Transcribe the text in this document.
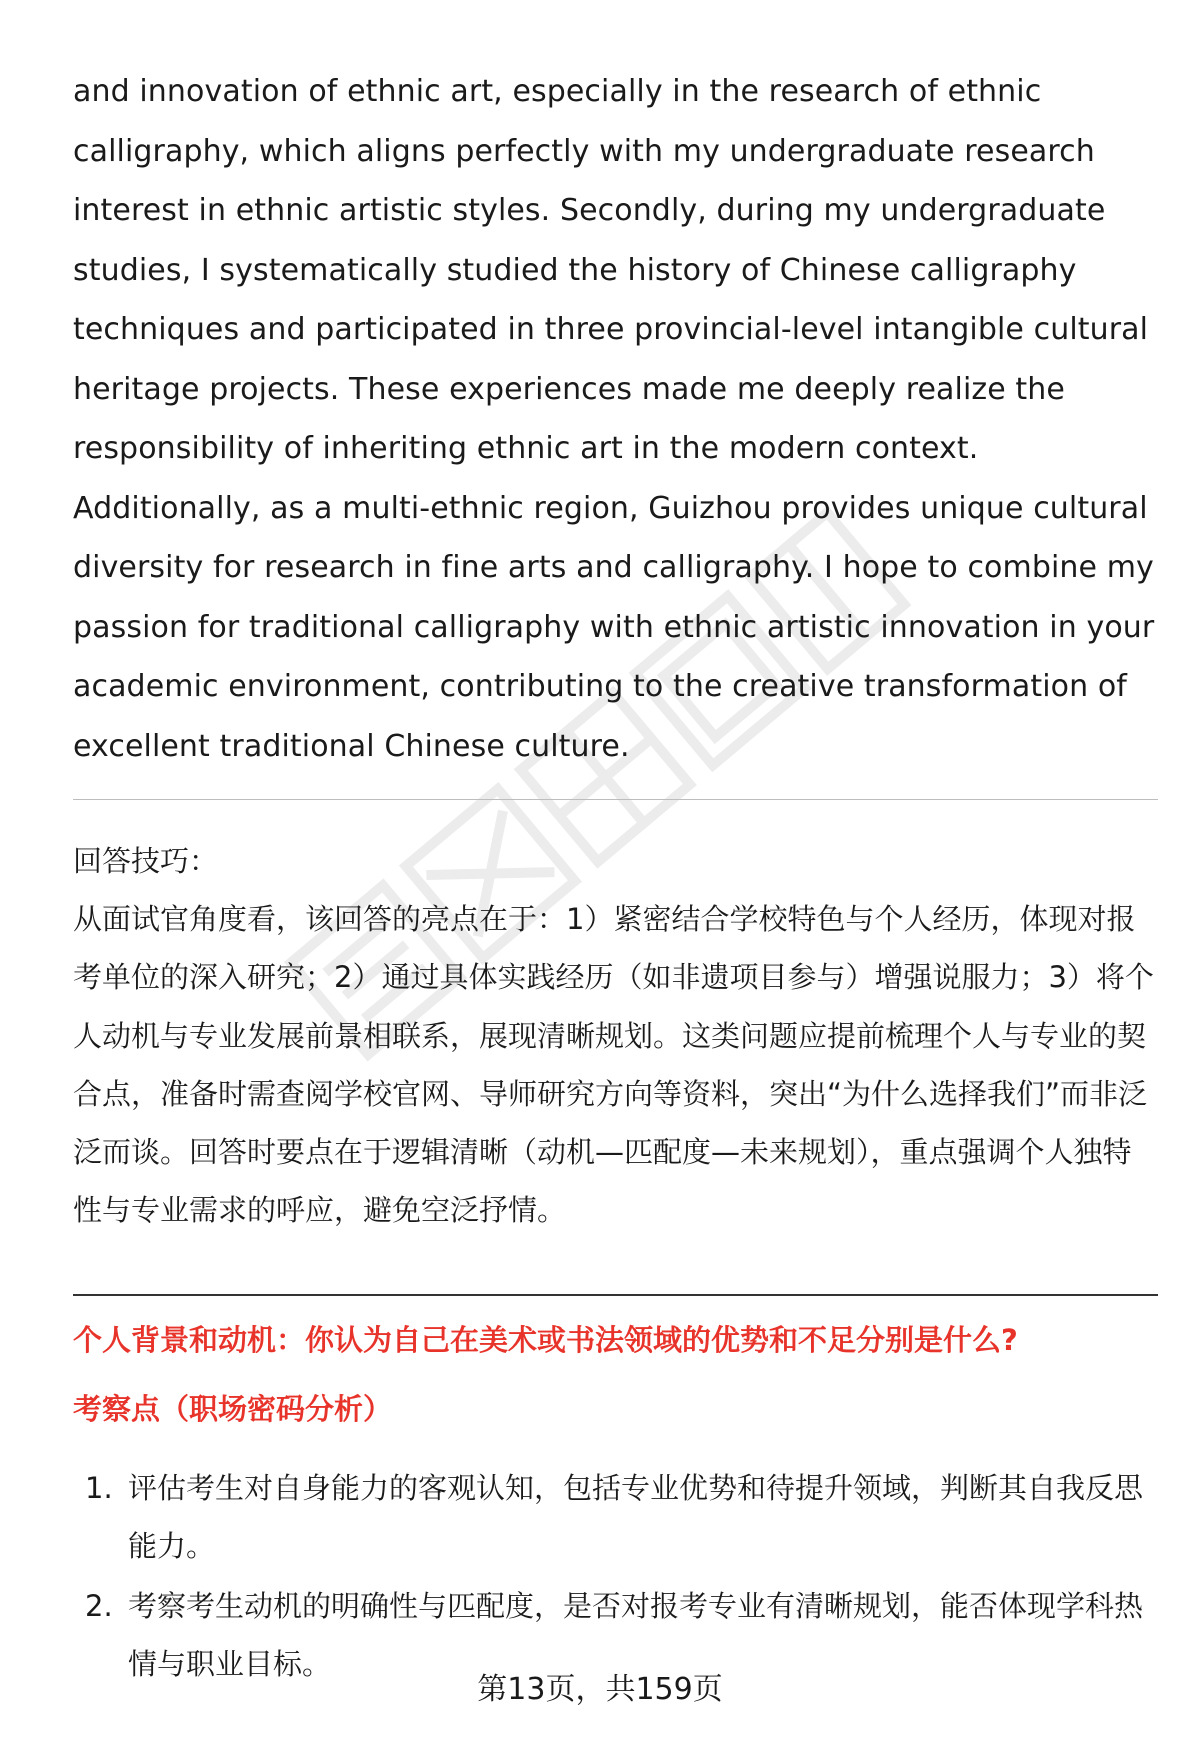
and innovation of ethnic art, especially in the research of ethnic calligraphy, which aligns perfectly with my undergraduate research interest in ethnic artistic styles. Secondly, during my undergraduate studies, I systematically studied the history of Chinese calligraphy techniques and participated in three provincial-level intangible cultural heritage projects. These experiences made me deeply realize the responsibility of inheriting ethnic art in the modern context. Additionally, as a multi-ethnic region, Guizhou provides unique cultural diversity for research in fine arts and calligraphy. I hope to combine my passion for traditional calligraphy with ethnic artistic innovation in your academic environment, contributing to the creative transformation of excellent traditional Chinese culture.

回答技巧：

从面试官角度看，该回答的亮点在于：1）紧密结合学校特色与个人经历，体现对报考单位的深入研究；2）通过具体实践经历（如非遗项目参与）增强说服力；3）将个人动机与专业发展前景相联系，展现清晰规划。这类问题应提前梳理个人与专业的契合点，准备时需查阅学校官网、导师研究方向等资料，突出“为什么选择我们”而非泛泛而谈。回答时要点在于逻辑清晰（动机—匹配度—未来规划），重点强调个人独特性与专业需求的呼应，避免空泛抒情。

个人背景和动机：你认为自己在美术或书法领域的优势和不足分别是什么?

考察点（职场密码分析）

1. 评估考生对自身能力的客观认知，包括专业优势和待提升领域，判断其自我反思能力。
2. 考察考生动机的明确性与匹配度，是否对报考专业有清晰规划，能否体现学科热情与职业目标。
第13页，共159页
